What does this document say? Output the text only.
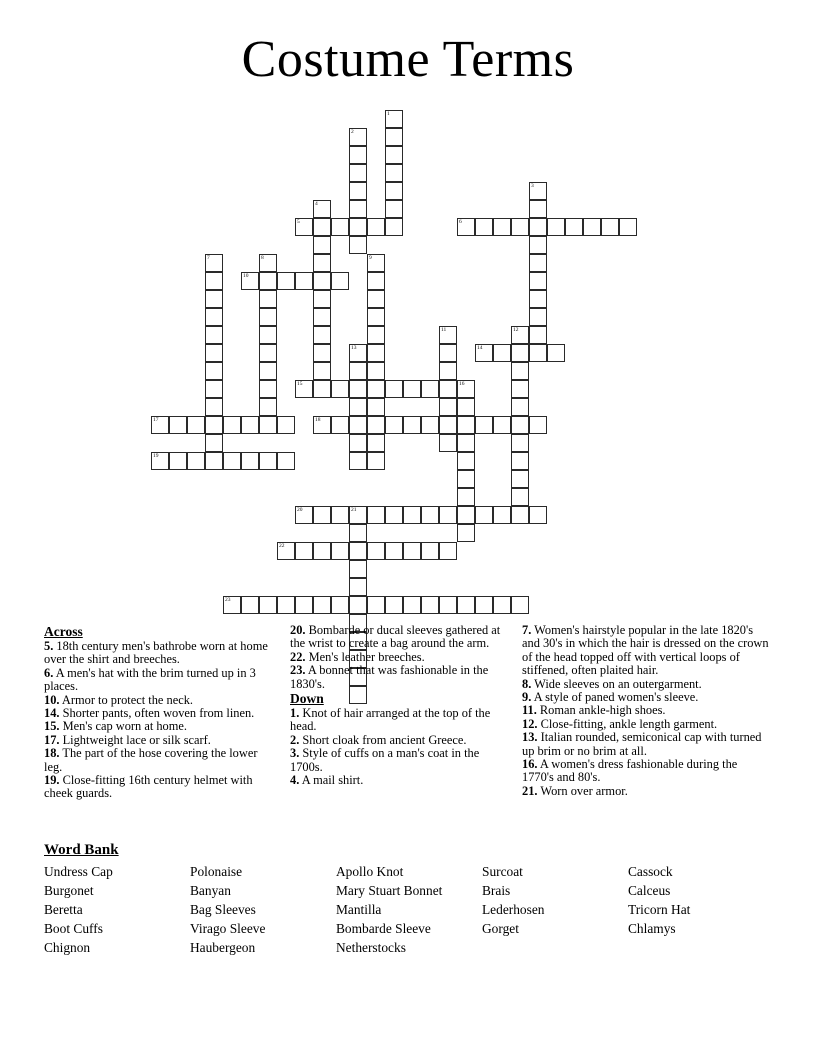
Costume Terms
1
2
3
4
5	6
7	8	9
10
11	12
13	14
15	16
17	18
19
20	21
22
23
Across

5. 18th century men's bathrobe worn at home over the shirt and breeches.

6. A men's hat with the brim turned up in 3 places.

10. Armor to protect the neck.

14. Shorter pants, often woven from linen.

15. Men's cap worn at home.

17. Lightweight lace or silk scarf.

18. The part of the hose covering the lower leg.

19. Close-fitting 16th century helmet with cheek guards.

20. Bombarde or ducal sleeves gathered at the wrist to create a bag around the arm.

22. Men's leather breeches.

23. A bonnet that was fashionable in the 1830's.

Down

1. Knot of hair arranged at the top of the head.

2. Short cloak from ancient Greece.

3. Style of cuffs on a man's coat in the 1700s.

4. A mail shirt.

7. Women's hairstyle popular in the late 1820's and 30's in which the hair is dressed on the crown of the head topped off with vertical loops of stiffened, often plaited hair.

8. Wide sleeves on an outergarment.

9. A style of paned women's sleeve.

11. Roman ankle-high shoes.

12. Close-fitting, ankle length garment.

13. Italian rounded, semiconical cap with turned up brim or no brim at all.

16. A women's dress fashionable during the 1770's and 80's.

21. Worn over armor.

Word Bank
Undress Cap
Burgonet
Beretta
Boot Cuffs
Chignon
Polonaise
Banyan
Bag Sleeves
Virago Sleeve
Haubergeon
Apollo Knot
Mary Stuart Bonnet
Mantilla
Bombarde Sleeve
Netherstocks
Surcoat
Brais
Lederhosen
Gorget
Cassock
Calceus
Tricorn Hat
Chlamys
